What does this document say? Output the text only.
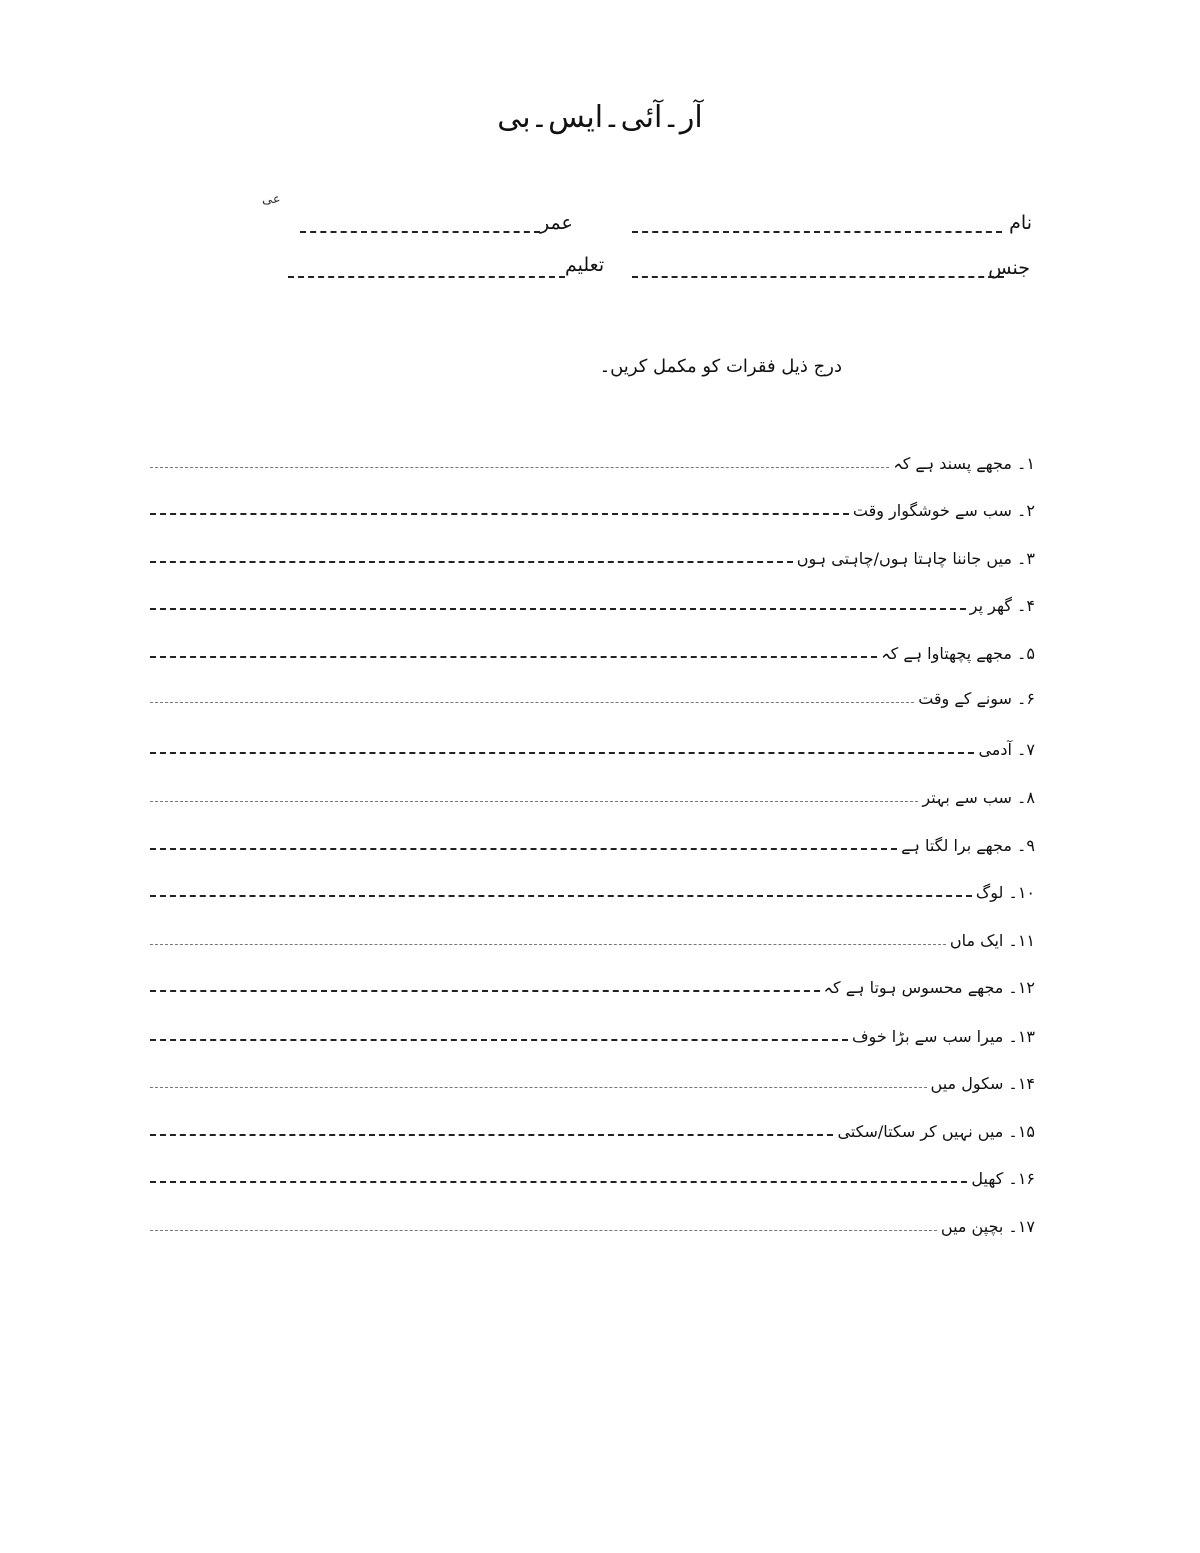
آر۔آئی۔ایس۔بی
عی
نام
عمر
جنس
تعلیم
درج ذیل فقرات کو مکمل کریں۔
۱۔ مجھے پسند ہے کہ
۲۔ سب سے خوشگوار وقت
۳۔ میں جاننا چاہتا ہوں/چاہتی ہوں
۴۔ گھر پر
۵۔ مجھے پچھتاوا ہے کہ
۶۔ سونے کے وقت
۷۔ آدمی
۸۔ سب سے بہتر
۹۔ مجھے برا لگتا ہے
۱۰۔ لوگ
۱۱۔ ایک ماں
۱۲۔ مجھے محسوس ہوتا ہے کہ
۱۳۔ میرا سب سے بڑا خوف
۱۴۔ سکول میں
۱۵۔ میں نہیں کر سکتا/سکتی
۱۶۔ کھیل
۱۷۔ بچپن میں
